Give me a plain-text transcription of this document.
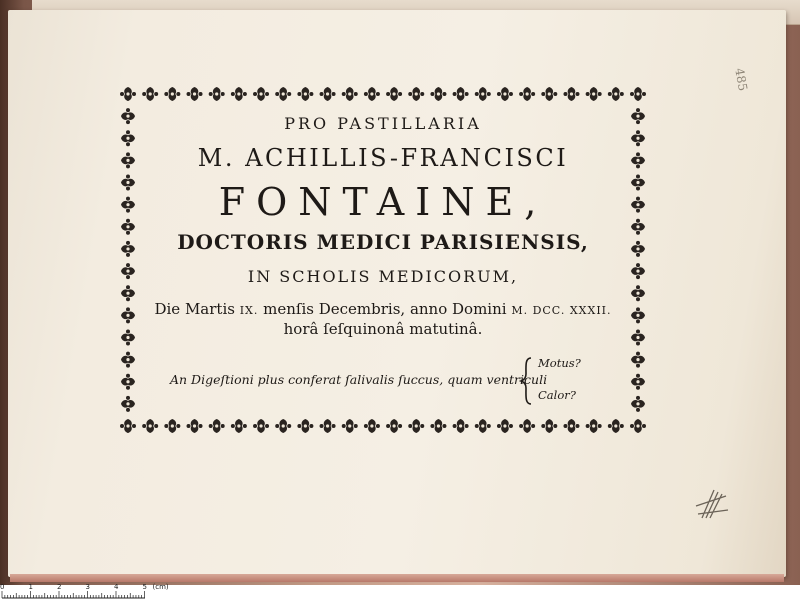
PRO PASTILLARIA
M. ACHILLIS-FRANCISCI
FONTAINE,
DOCTORIS MEDICI PARISIENSIS,
IN SCHOLIS MEDICORUM,
Die Martis IX. menſis Decembris, anno Domini M. DCC. XXXII.
horâ ſeſquinonâ matutinâ.
An Digeſtioni plus conferat ſalivalis ſuccus, quam ventriculi
Motus?
Calor?
485
0	1	2	3	4	5 (cm)
